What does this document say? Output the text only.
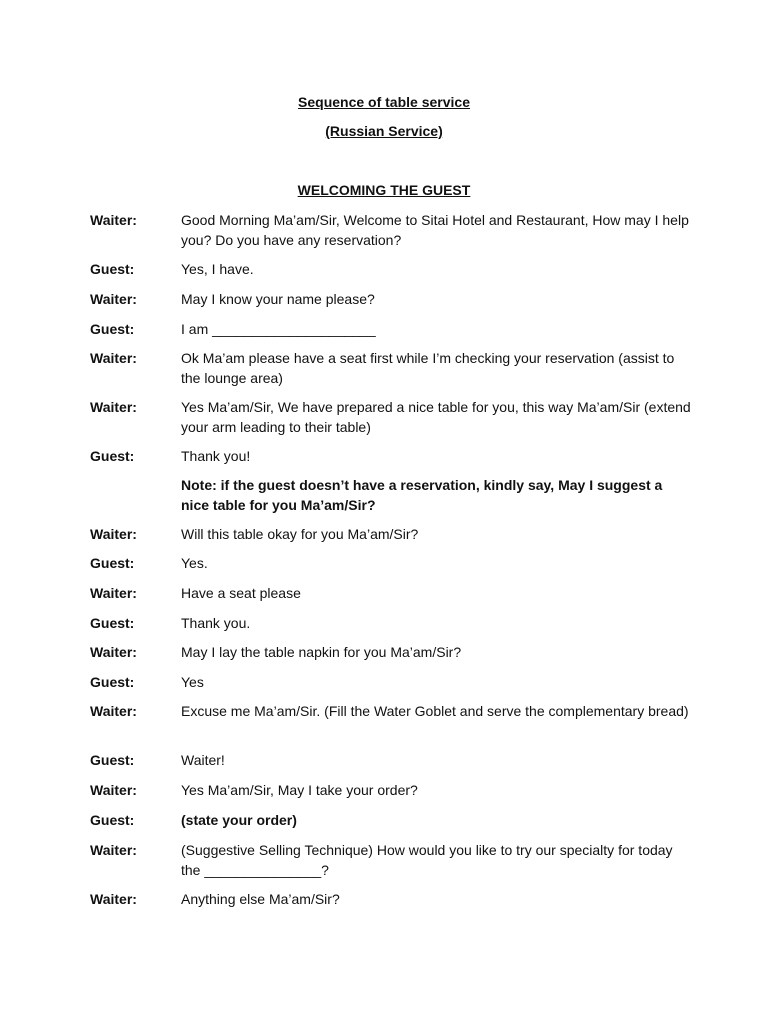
Sequence of table service
(Russian Service)
WELCOMING THE GUEST
Waiter:	Good Morning Ma’am/Sir, Welcome to Sitai Hotel and Restaurant, How may I help you? Do you have any reservation?
Guest:	Yes, I have.
Waiter:	May I know your name please?
Guest:	I am _____________________
Waiter:	Ok Ma’am please have a seat first while I’m checking your reservation (assist to the lounge area)
Waiter:	Yes Ma’am/Sir, We have prepared a nice table for you, this way Ma’am/Sir (extend your arm leading to their table)
Guest:	Thank you!
Note: if the guest doesn’t have a reservation, kindly say, May I suggest a nice table for you Ma’am/Sir?
Waiter:	Will this table okay for you Ma’am/Sir?
Guest:	Yes.
Waiter:	Have a seat please
Guest:	Thank you.
Waiter:	May I lay the table napkin for you Ma’am/Sir?
Guest:	Yes
Waiter:	Excuse me Ma’am/Sir. (Fill the Water Goblet and serve the complementary bread)
Guest:	Waiter!
Waiter:	Yes Ma’am/Sir, May I take your order?
Guest:	(state your order)
Waiter:	(Suggestive Selling Technique) How would you like to try our specialty for today the _______________?
Waiter:	Anything else Ma’am/Sir?
